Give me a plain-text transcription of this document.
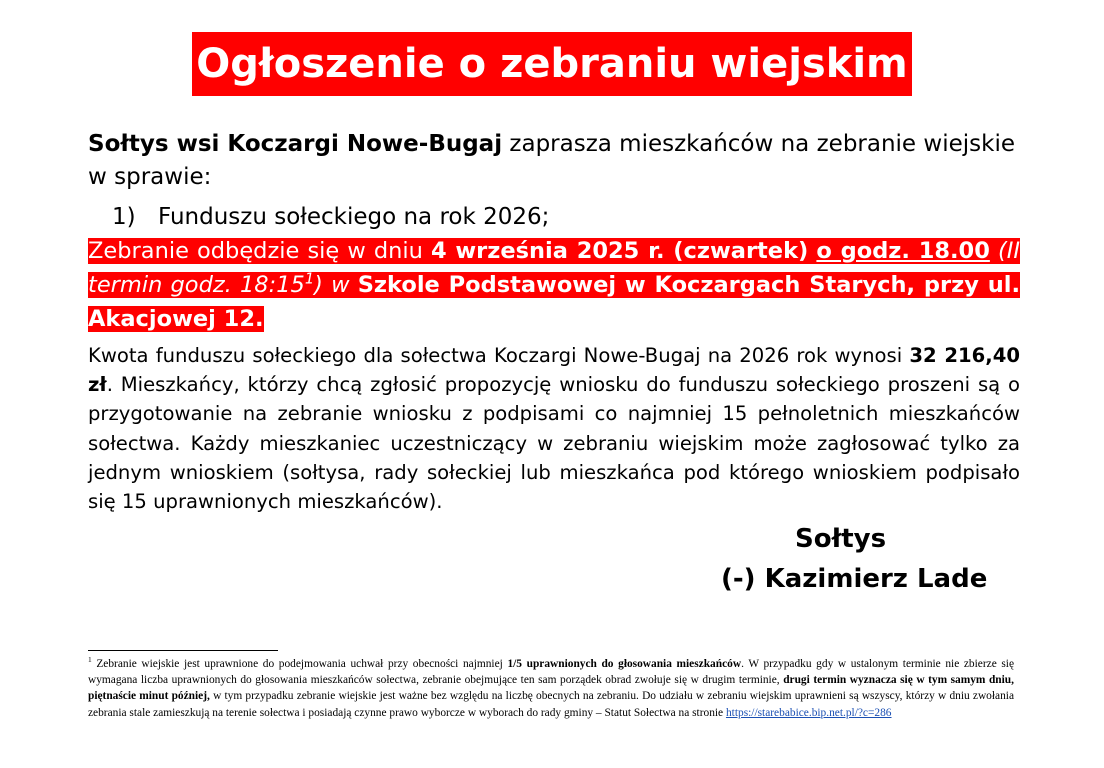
Ogłoszenie o zebraniu wiejskim
Sołtys wsi Koczargi Nowe-Bugaj zaprasza mieszkańców na zebranie wiejskie w sprawie:
1) Funduszu sołeckiego na rok 2026;
Zebranie odbędzie się w dniu 4 września 2025 r. (czwartek) o godz. 18.00 (II termin godz. $18:15^1$) w Szkole Podstawowej w Koczargach Starych, przy ul. Akacjowej 12.
Kwota funduszu sołeckiego dla sołectwa Koczargi Nowe-Bugaj na 2026 rok wynosi 32 216,40 zł. Mieszkańcy, którzy chcą zgłosić propozycję wniosku do funduszu sołeckiego proszeni są o przygotowanie na zebranie wniosku z podpisami co najmniej 15 pełnoletnich mieszkańców sołectwa. Każdy mieszkaniec uczestniczący w zebraniu wiejskim może zagłosować tylko za jednym wnioskiem (sołtysa, rady sołeckiej lub mieszkańca pod którego wnioskiem podpisało się 15 uprawnionych mieszkańców).
Sołtys
(-) Kazimierz Lade
$^1$ Zebranie wiejskie jest uprawnione do podejmowania uchwał przy obecności najmniej 1/5 uprawnionych do głosowania mieszkańców. W przypadku gdy w ustalonym terminie nie zbierze się wymagana liczba uprawnionych do głosowania mieszkańców sołectwa, zebranie obejmujące ten sam porządek obrad zwołuje się w drugim terminie, drugi termin wyznacza się w tym samym dniu, piętnaście minut później, w tym przypadku zebranie wiejskie jest ważne bez względu na liczbę obecnych na zebraniu. Do udziału w zebraniu wiejskim uprawnieni są wszyscy, którzy w dniu zwołania zebrania stale zamieszkują na terenie sołectwa i posiadają czynne prawo wyborcze w wyborach do rady gminy – Statut Sołectwa na stronie https://starebabice.bip.net.pl/?c=286
